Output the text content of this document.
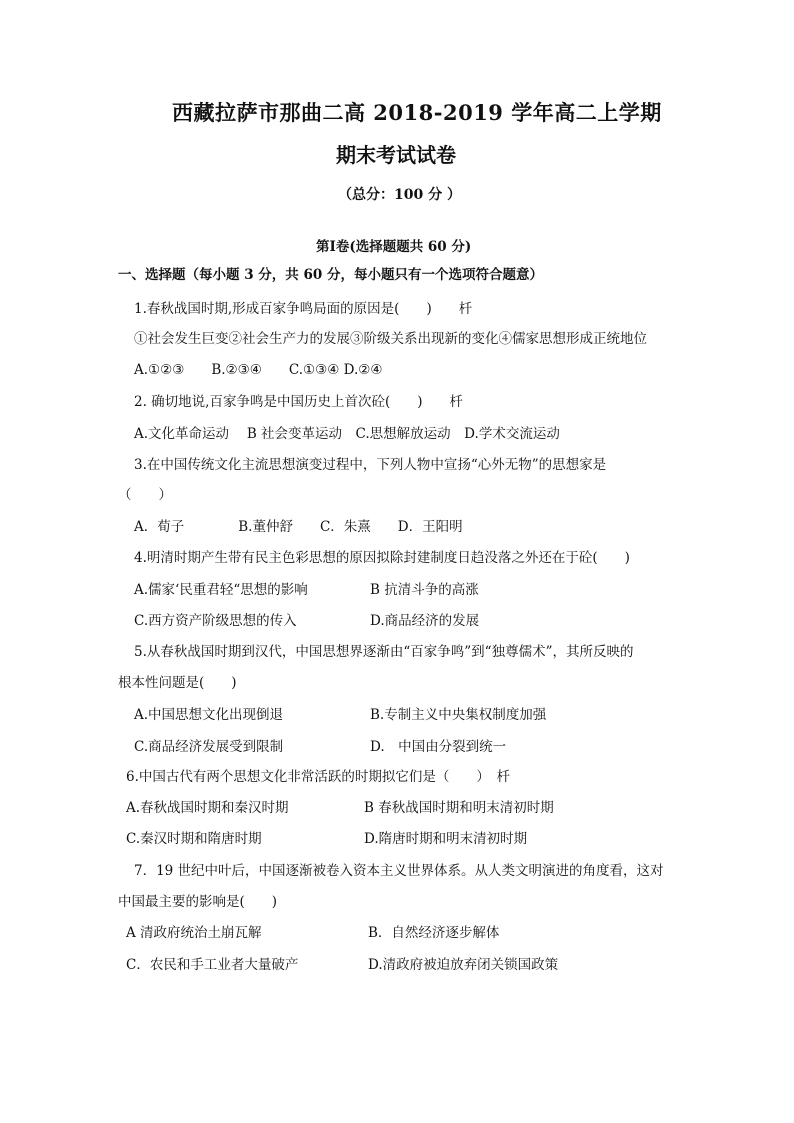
西藏拉萨市那曲二高 2018-2019 学年高二上学期
期末考试试卷
（总分：100 分 ）
第Ⅰ卷(选择题题共 60 分)
一、选择题（每小题 3 分，共 60 分，每小题只有一个选项符合题意）
1.春秋战国时期,形成百家争鸣局面的原因是(　　)　　杄
①社会发生巨变②社会生产力的发展③阶级关系出现新的变化④儒家思想形成正统地位
A.①②③　　B.②③④　　C.①③④ D.②④
2. 确切地说,百家争鸣是中国历史上首次砼(　　)　　杄
A.文化革命运动　 B 社会变革运动　C.思想解放运动　D.学术交流运动
3.在中国传统文化主流思想演变过程中，下列人物中宣扬“心外无物”的思想家是
（　　）
A．荀子　　　　B.董仲舒　　C．朱熹　　D．王阳明
4.明清时期产生带有民主色彩思想的原因拟除封建制度日趋没落之外还在于砼(　　)
A.儒家‘民重君轻“思想的影响	B 抗清斗争的高涨
C.西方资产阶级思想的传入	D.商品经济的发展
5.从春秋战国时期到汉代，中国思想界逐渐由“百家争鸣”到“独尊儒术”，其所反映的
根本性问题是(　　)
A.中国思想文化出现倒退	B.专制主义中央集权制度加强
C.商品经济发展受到限制	D.　中国由分裂到统一
6.中国古代有两个思想文化非常活跃的时期拟它们是（　　）　杄
A.春秋战国时期和秦汉时期	B 春秋战国时期和明末清初时期
C.秦汉时期和隋唐时期	D.隋唐时期和明末清初时期
7．19 世纪中叶后，中国逐渐被卷入资本主义世界体系。从人类文明演进的角度看，这对
中国最主要的影响是(　　)
A 清政府统治土崩瓦解	B．自然经济逐步解体
C．农民和手工业者大量破产	D.清政府被迫放弃闭关锁国政策
